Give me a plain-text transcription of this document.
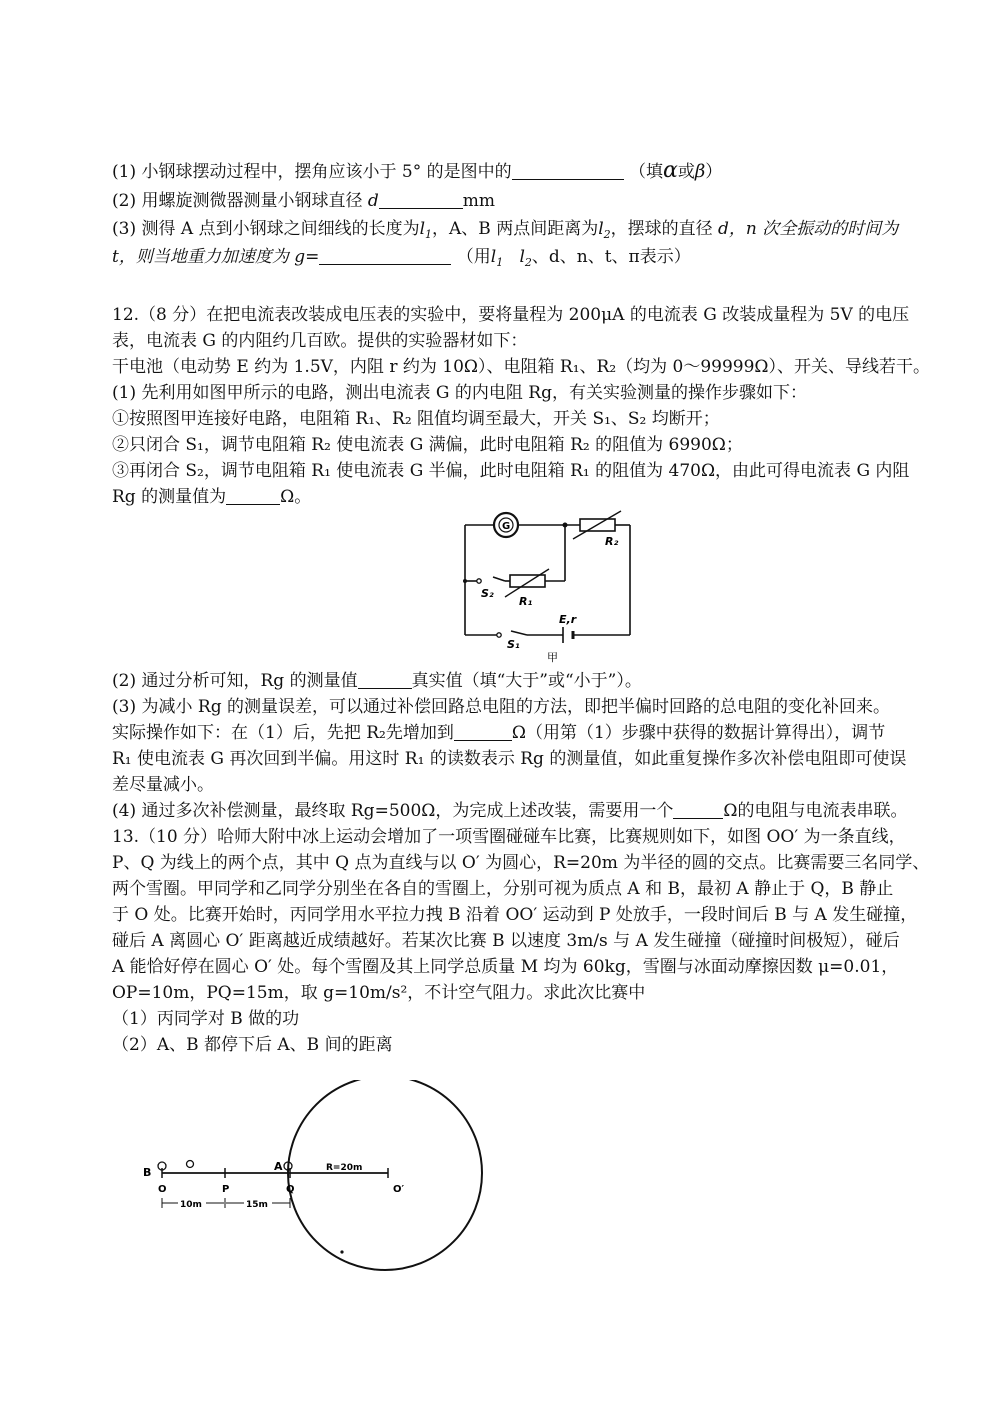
(1) 小钢球摆动过程中，摆角应该小于 5° 的是图中的	（填α或β）
(2) 用螺旋测微器测量小钢球直径 d	mm
(3) 测得 A 点到小钢球之间细线的长度为$l_1$，A、B 两点间距离为$l_2$，摆球的直径 d，n 次全振动的时间为
t，则当地重力加速度为 g=	（用$l_1$ $l_2$、d、n、t、π表示）
12.（8 分）在把电流表改装成电压表的实验中，要将量程为 200μA 的电流表 G 改装成量程为 5V 的电压
表，电流表 G 的内阻约几百欧。提供的实验器材如下：
干电池（电动势 E 约为 1.5V，内阻 r 约为 10Ω）、电阻箱 R₁、R₂（均为 0～99999Ω）、开关、导线若干。
(1) 先利用如图甲所示的电路，测出电流表 G 的内电阻 Rg，有关实验测量的操作步骤如下：
①按照图甲连接好电路，电阻箱 R₁、R₂ 阻值均调至最大，开关 S₁、S₂ 均断开；
②只闭合 S₁，调节电阻箱 R₂ 使电流表 G 满偏，此时电阻箱 R₂ 的阻值为 6990Ω；
③再闭合 S₂，调节电阻箱 R₁ 使电流表 G 半偏，此时电阻箱 R₁ 的阻值为 470Ω，由此可得电流表 G 内阻
Rg 的测量值为	Ω。
G
R₂
R₁
S₂
S₁
E,r
甲
(2) 通过分析可知，Rg 的测量值	真实值（填“大于”或“小于”）。
(3) 为减小 Rg 的测量误差，可以通过补偿回路总电阻的方法，即把半偏时回路的总电阻的变化补回来。
实际操作如下：在（1）后，先把 R₂先增加到	Ω（用第（1）步骤中获得的数据计算得出），调节
R₁ 使电流表 G 再次回到半偏。用这时 R₁ 的读数表示 Rg 的测量值，如此重复操作多次补偿电阻即可使误
差尽量减小。
(4) 通过多次补偿测量，最终取 Rg=500Ω，为完成上述改装，需要用一个	Ω的电阻与电流表串联。
13.（10 分）哈师大附中冰上运动会增加了一项雪圈碰碰车比赛，比赛规则如下，如图 OO′ 为一条直线，
P、Q 为线上的两个点，其中 Q 点为直线与以 O′ 为圆心，R=20m 为半径的圆的交点。比赛需要三名同学、
两个雪圈。甲同学和乙同学分别坐在各自的雪圈上，分别可视为质点 A 和 B，最初 A 静止于 Q，B 静止
于 O 处。比赛开始时，丙同学用水平拉力拽 B 沿着 OO′ 运动到 P 处放手，一段时间后 B 与 A 发生碰撞，
碰后 A 离圆心 O′ 距离越近成绩越好。若某次比赛 B 以速度 3m/s 与 A 发生碰撞（碰撞时间极短），碰后
A 能恰好停在圆心 O′ 处。每个雪圈及其上同学总质量 M 均为 60kg，雪圈与冰面动摩擦因数 μ=0.01，
OP=10m，PQ=15m，取 g=10m/s²，不计空气阻力。求此次比赛中
（1）丙同学对 B 做的功
（2）A、B 都停下后 A、B 间的距离
B	A	R=20m
O	P	Q	O′
10m	15m
